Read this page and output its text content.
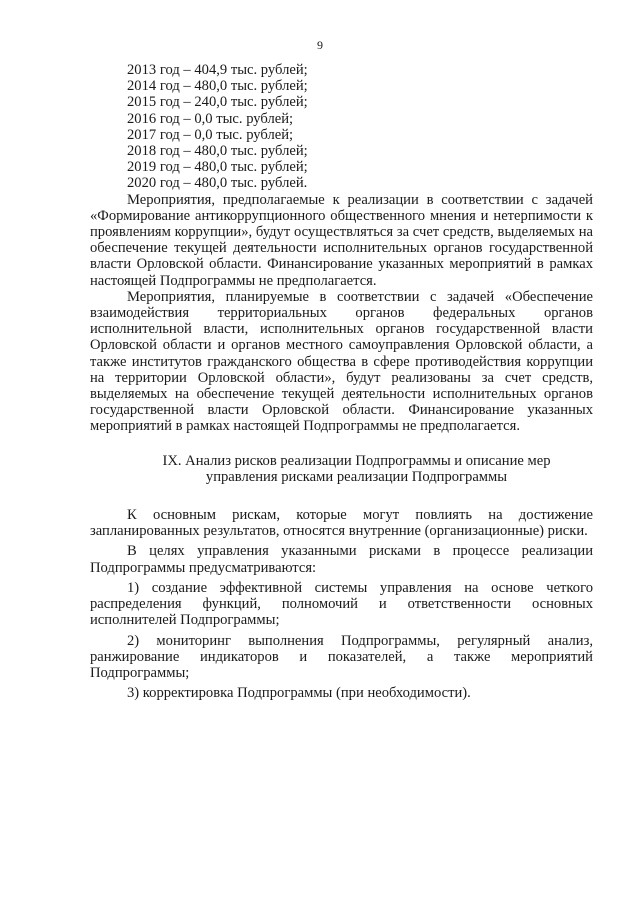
9
2013 год – 404,9 тыс. рублей;
2014 год – 480,0 тыс. рублей;
2015 год – 240,0 тыс. рублей;
2016 год – 0,0 тыс. рублей;
2017 год – 0,0 тыс. рублей;
2018 год – 480,0 тыс. рублей;
2019 год – 480,0 тыс. рублей;
2020 год – 480,0 тыс. рублей.

Мероприятия, предполагаемые к реализации в соответствии с задачей «Формирование антикоррупционного общественного мнения и нетерпимости к проявлениям коррупции», будут осуществляться за счет средств, выделяемых на обеспечение текущей деятельности исполнительных органов государственной власти Орловской области. Финансирование указанных мероприятий в рамках настоящей Подпрограммы не предполагается.

Мероприятия, планируемые в соответствии с задачей «Обеспечение взаимодействия территориальных органов федеральных органов исполнительной власти, исполнительных органов государственной власти Орловской области и органов местного самоуправления Орловской области, а также институтов гражданского общества в сфере противодействия коррупции на территории Орловской области», будут реализованы за счет средств, выделяемых на обеспечение текущей деятельности исполнительных органов государственной власти Орловской области. Финансирование указанных мероприятий в рамках настоящей Подпрограммы не предполагается.

IX. Анализ рисков реализации Подпрограммы и описание мер
управления рисками реализации Подпрограммы

К основным рискам, которые могут повлиять на достижение запланированных результатов, относятся внутренние (организационные) риски.

В целях управления указанными рисками в процессе реализации Подпрограммы предусматриваются:

1) создание эффективной системы управления на основе четкого распределения функций, полномочий и ответственности основных исполнителей Подпрограммы;

2) мониторинг выполнения Подпрограммы, регулярный анализ, ранжирование индикаторов и показателей, а также мероприятий Подпрограммы;

3) корректировка Подпрограммы (при необходимости).
